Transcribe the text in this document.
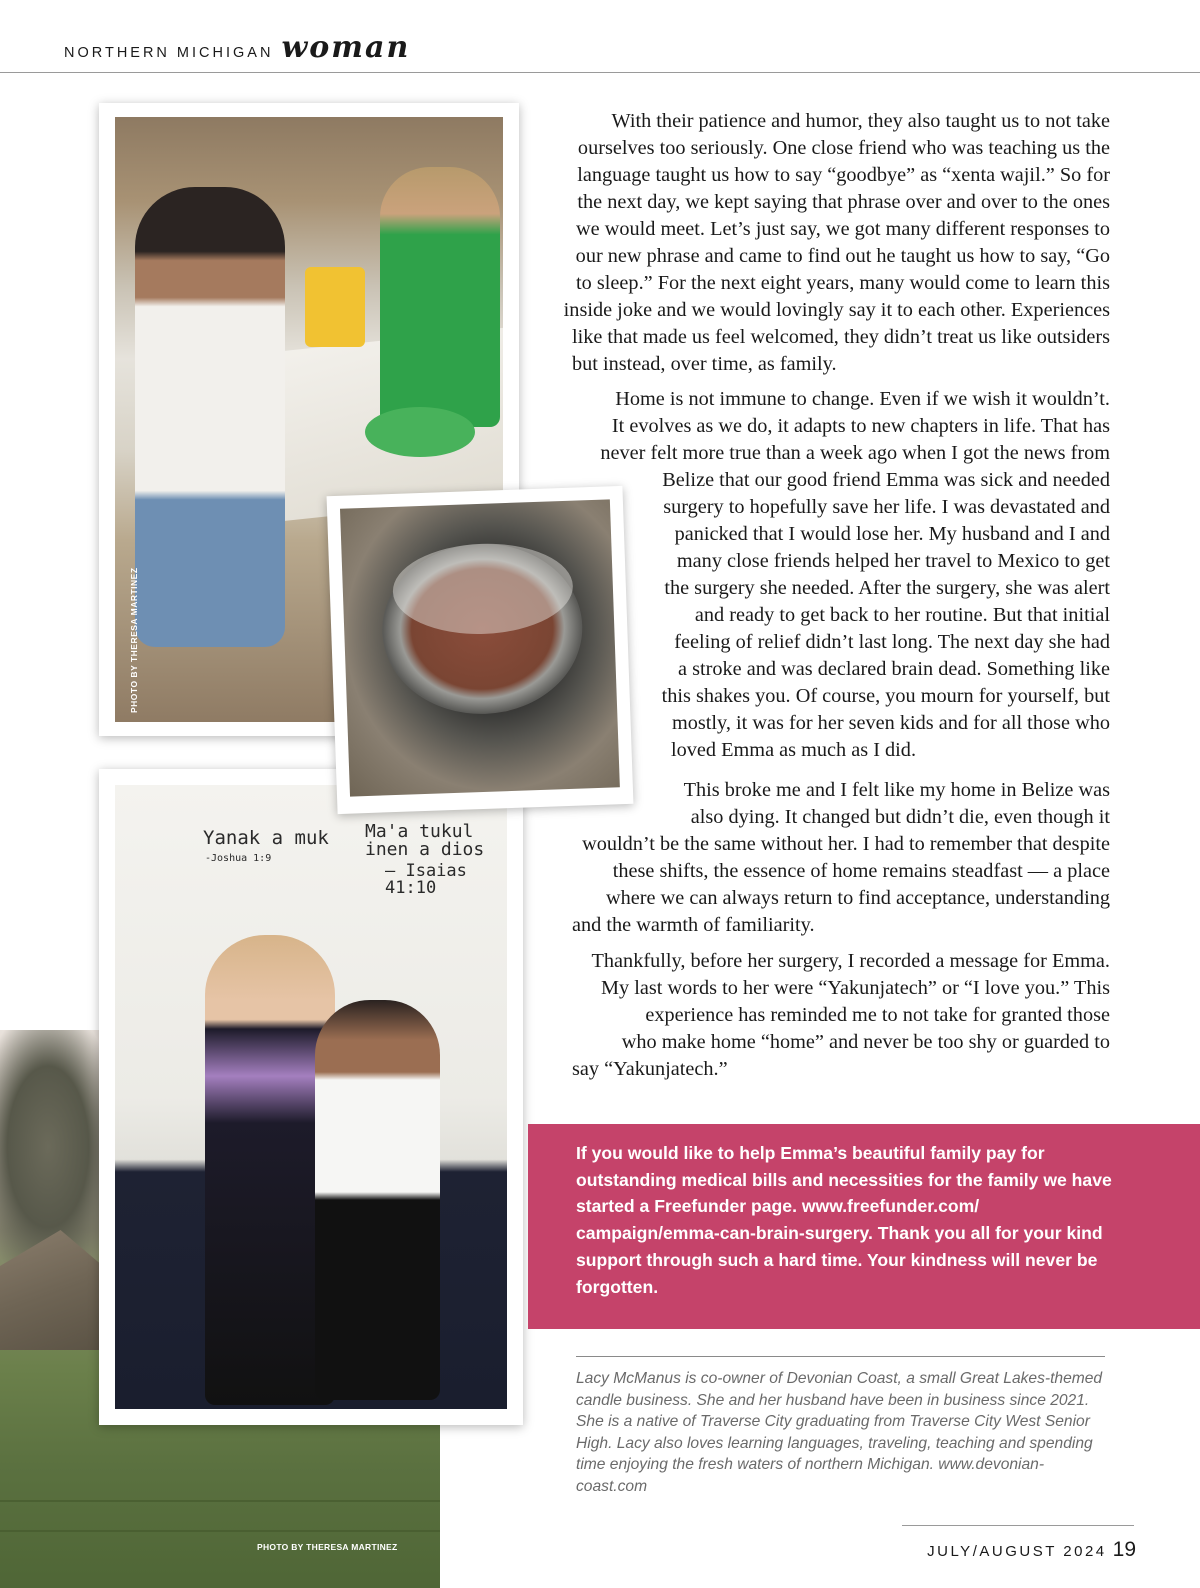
NORTHERN MICHIGAN woman
PHOTO BY THERESA MARTINEZ
Yanak a muk
-Joshua 1:9
Ma'a tukul inen a dios
– Isaias 41:10
PHOTO BY THERESA MARTINEZ
With their patience and humor, they also taught us to not take
ourselves too seriously. One close friend who was teaching us the
language taught us how to say “goodbye” as “xenta wajil.” So for
the next day, we kept saying that phrase over and over to the ones
we would meet. Let’s just say, we got many different responses to
our new phrase and came to find out he taught us how to say, “Go
to sleep.” For the next eight years, many would come to learn this
inside joke and we would lovingly say it to each other. Experiences
like that made us feel welcomed, they didn’t treat us like outsiders
but instead, over time, as family.
Home is not immune to change. Even if we wish it wouldn’t.
It evolves as we do, it adapts to new chapters in life. That has
never felt more true than a week ago when I got the news from
Belize that our good friend Emma was sick and needed
surgery to hopefully save her life. I was devastated and
panicked that I would lose her. My husband and I and
many close friends helped her travel to Mexico to get
the surgery she needed. After the surgery, she was alert
and ready to get back to her routine. But that initial
feeling of relief didn’t last long. The next day she had
a stroke and was declared brain dead. Something like
this shakes you. Of course, you mourn for yourself, but
mostly, it was for her seven kids and for all those who
loved Emma as much as I did.
This broke me and I felt like my home in Belize was
also dying. It changed but didn’t die, even though it
wouldn’t be the same without her. I had to remember that despite
these shifts, the essence of home remains steadfast — a place
where we can always return to find acceptance, understanding
and the warmth of familiarity.
Thankfully, before her surgery, I recorded a message for Emma.
My last words to her were “Yakunjatech” or “I love you.” This
experience has reminded me to not take for granted those
who make home “home” and never be too shy or guarded to
say “Yakunjatech.”

If you would like to help Emma’s beautiful family pay for outstanding medical bills and necessities for the family we have started a Freefunder page. www.freefunder.com/ campaign/emma-can-brain-surgery. Thank you all for your kind support through such a hard time. Your kindness will never be forgotten.

Lacy McManus is co-owner of Devonian Coast, a small Great Lakes-themed candle business. She and her husband have been in business since 2021. She is a native of Traverse City graduating from Traverse City West Senior High. Lacy also loves learning languages, traveling, teaching and spending time enjoying the fresh waters of northern Michigan. www.devonian-coast.com

JULY/AUGUST 2024 19
